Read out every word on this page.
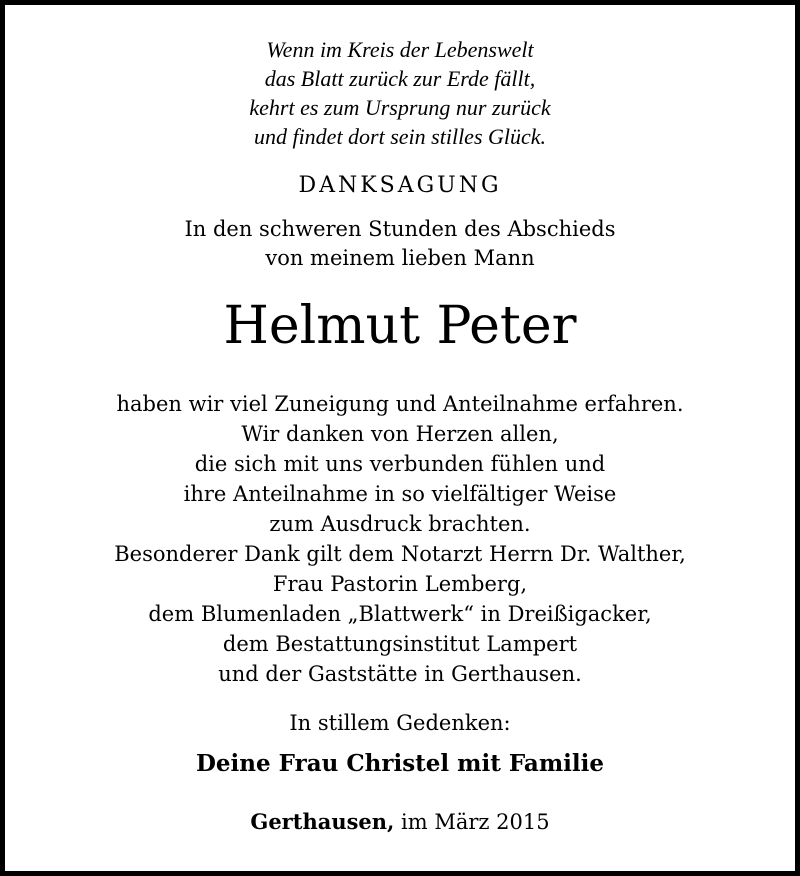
Wenn im Kreis der Lebenswelt
das Blatt zurück zur Erde fällt,
kehrt es zum Ursprung nur zurück
und findet dort sein stilles Glück.
DANKSAGUNG
In den schweren Stunden des Abschieds
von meinem lieben Mann
Helmut Peter
haben wir viel Zuneigung und Anteilnahme erfahren.
Wir danken von Herzen allen,
die sich mit uns verbunden fühlen und
ihre Anteilnahme in so vielfältiger Weise
zum Ausdruck brachten.
Besonderer Dank gilt dem Notarzt Herrn Dr. Walther,
Frau Pastorin Lemberg,
dem Blumenladen „Blattwerk“ in Dreißigacker,
dem Bestattungsinstitut Lampert
und der Gaststätte in Gerthausen.
In stillem Gedenken:
Deine Frau Christel mit Familie
Gerthausen, im März 2015
